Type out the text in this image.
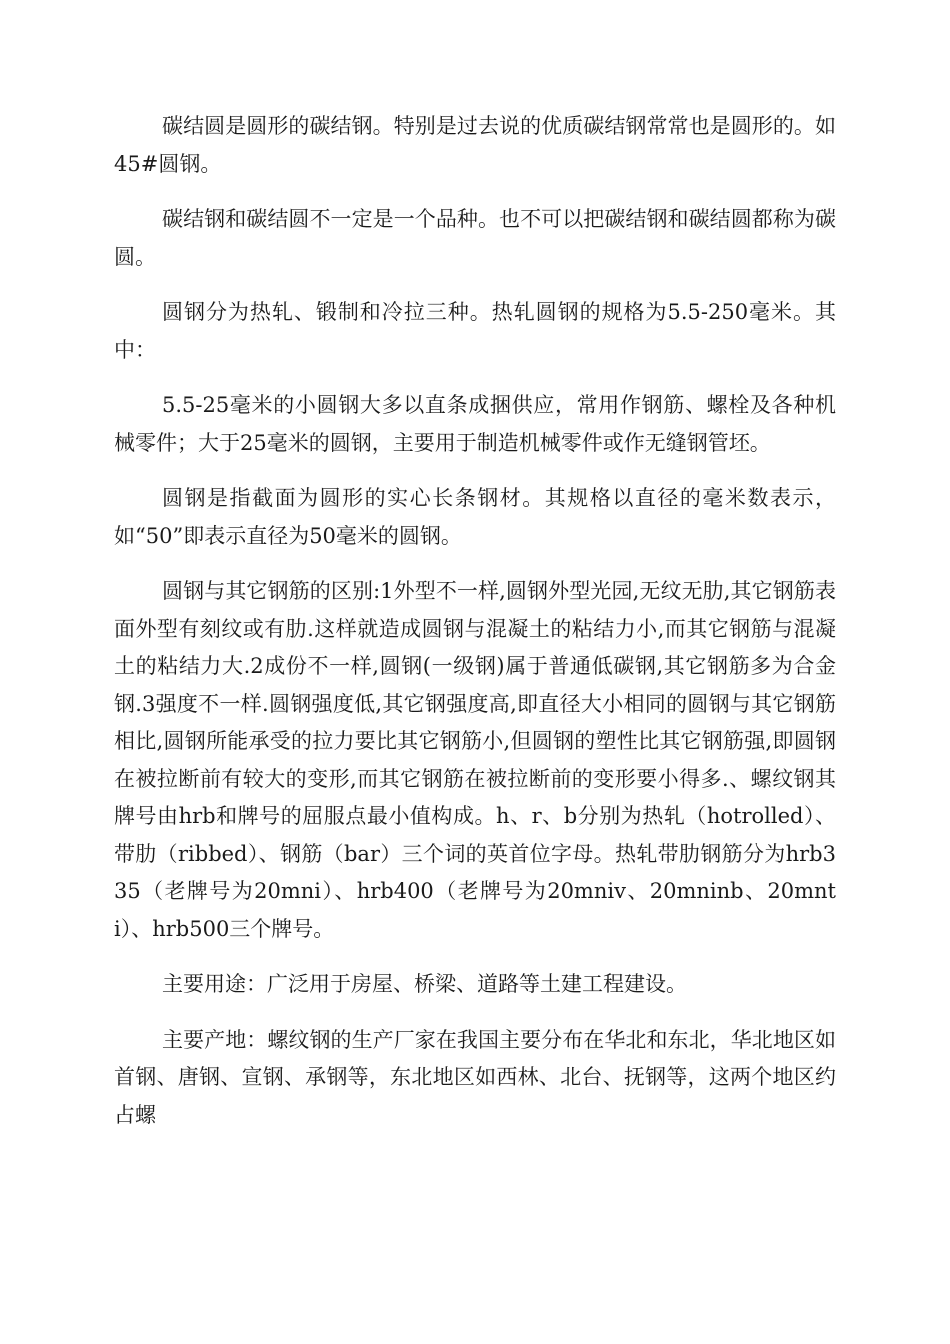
碳结圆是圆形的碳结钢。特别是过去说的优质碳结钢常常也是圆形的。如45#圆钢。

碳结钢和碳结圆不一定是一个品种。也不可以把碳结钢和碳结圆都称为碳圆。

圆钢分为热轧、锻制和冷拉三种。热轧圆钢的规格为5.5-250毫米。其中：

5.5-25毫米的小圆钢大多以直条成捆供应，常用作钢筋、螺栓及各种机械零件；大于25毫米的圆钢，主要用于制造机械零件或作无缝钢管坯。

圆钢是指截面为圆形的实心长条钢材。其规格以直径的毫米数表示，如“50”即表示直径为50毫米的圆钢。

圆钢与其它钢筋的区别:1外型不一样,圆钢外型光园,无纹无肋,其它钢筋表面外型有刻纹或有肋.这样就造成圆钢与混凝土的粘结力小,而其它钢筋与混凝土的粘结力大.2成份不一样,圆钢(一级钢)属于普通低碳钢,其它钢筋多为合金钢.3强度不一样.圆钢强度低,其它钢强度高,即直径大小相同的圆钢与其它钢筋相比,圆钢所能承受的拉力要比其它钢筋小,但圆钢的塑性比其它钢筋强,即圆钢在被拉断前有较大的变形,而其它钢筋在被拉断前的变形要小得多.、螺纹钢其牌号由hrb和牌号的屈服点最小值构成。h、r、b分别为热轧（hotrolled）、带肋（ribbed）、钢筋（bar）三个词的英首位字母。热轧带肋钢筋分为hrb335（老牌号为20mni）、hrb400（老牌号为20mniv、20mninb、20mnti）、hrb500三个牌号。

主要用途：广泛用于房屋、桥梁、道路等土建工程建设。

主要产地：螺纹钢的生产厂家在我国主要分布在华北和东北，华北地区如首钢、唐钢、宣钢、承钢等，东北地区如西林、北台、抚钢等，这两个地区约占螺
